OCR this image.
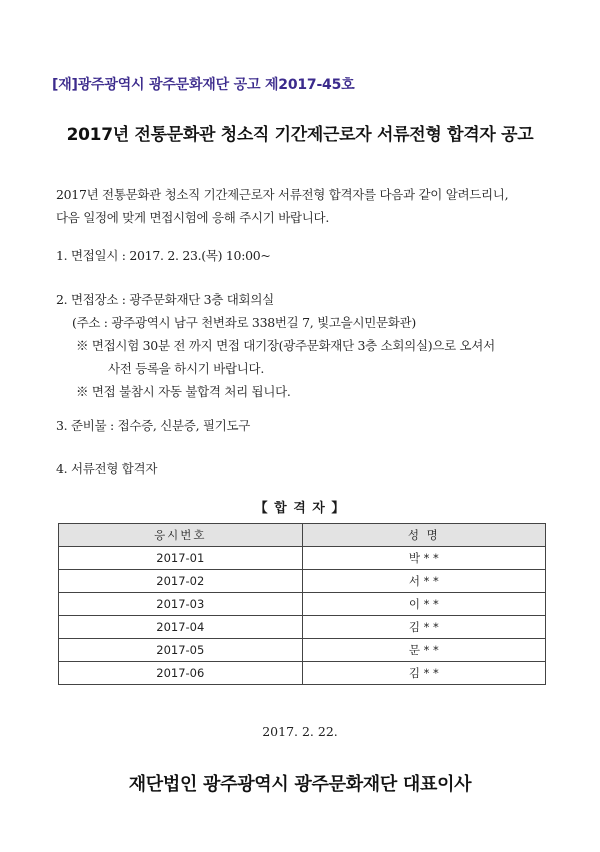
[재]광주광역시 광주문화재단 공고 제2017-45호
2017년 전통문화관 청소직 기간제근로자 서류전형 합격자 공고
2017년 전통문화관 청소직 기간제근로자 서류전형 합격자를 다음과 같이 알려드리니,
다음 일정에 맞게 면접시험에 응해 주시기 바랍니다.
1. 면접일시 : 2017. 2. 23.(목) 10:00~
2. 면접장소 : 광주문화재단 3층 대회의실
(주소 : 광주광역시 남구 천변좌로 338번길 7, 빛고을시민문화관)
※ 면접시험 30분 전 까지 면접 대기장(광주문화재단 3층 소회의실)으로 오셔서
사전 등록을 하시기 바랍니다.
※ 면접 불참시 자동 불합격 처리 됩니다.
3. 준비물 : 접수증, 신분증, 필기도구
4. 서류전형 합격자
【 합 격 자 】
응시번호	성 명
2017-01	박 * *
2017-02	서 * *
2017-03	이 * *
2017-04	김 * *
2017-05	문 * *
2017-06	김 * *
2017. 2. 22.
재단법인 광주광역시 광주문화재단 대표이사
